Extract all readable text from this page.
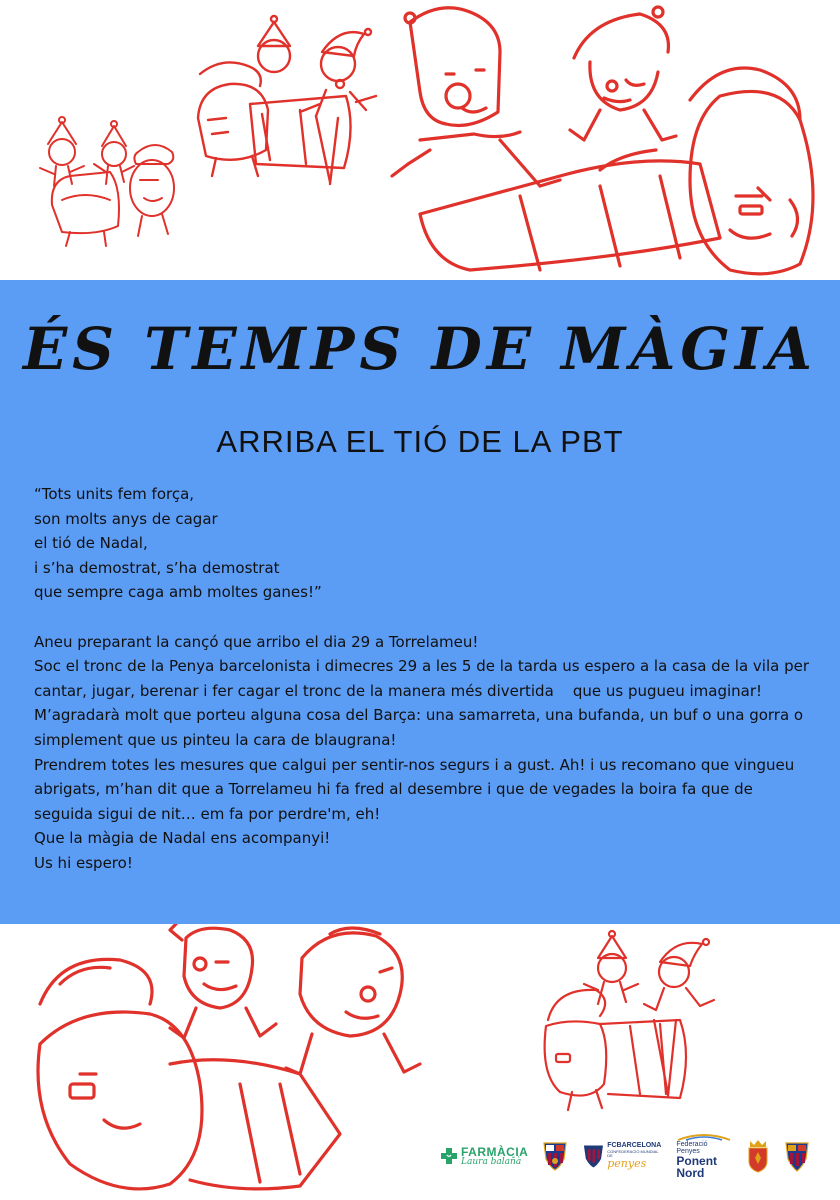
ÉS TEMPS DE MÀGIA
ARRIBA EL TIÓ DE LA PBT

“Tots units fem força,

son molts anys de cagar

el tió de Nadal,

i s’ha demostrat, s’ha demostrat

que sempre caga amb moltes ganes!”

Aneu preparant la cançó que arribo el dia 29 a Torrelameu!

Soc el tronc de la Penya barcelonista i dimecres 29 a les 5 de la tarda us espero a la casa de la vila per cantar, jugar, berenar i fer cagar el tronc de la manera més divertida    que us pugueu imaginar!

M’agradarà molt que porteu alguna cosa del Barça: una samarreta, una bufanda, un buf o una gorra o simplement que us pinteu la cara de blaugrana!

Prendrem totes les mesures que calgui per sentir-nos segurs i a gust. Ah! i us recomano que vingueu abrigats, m’han dit que a Torrelameu hi fa fred al desembre i que de vegades la boira fa que de seguida sigui de nit… em fa por perdre'm, eh!

Que la màgia de Nadal ens acompanyi!

Us hi espero!

FARMÀCIA
Laura balañà
FCBARCELONA
CONFEDERACIÓ MUNDIAL DE
penyes
Federació Penyes
Ponent Nord
